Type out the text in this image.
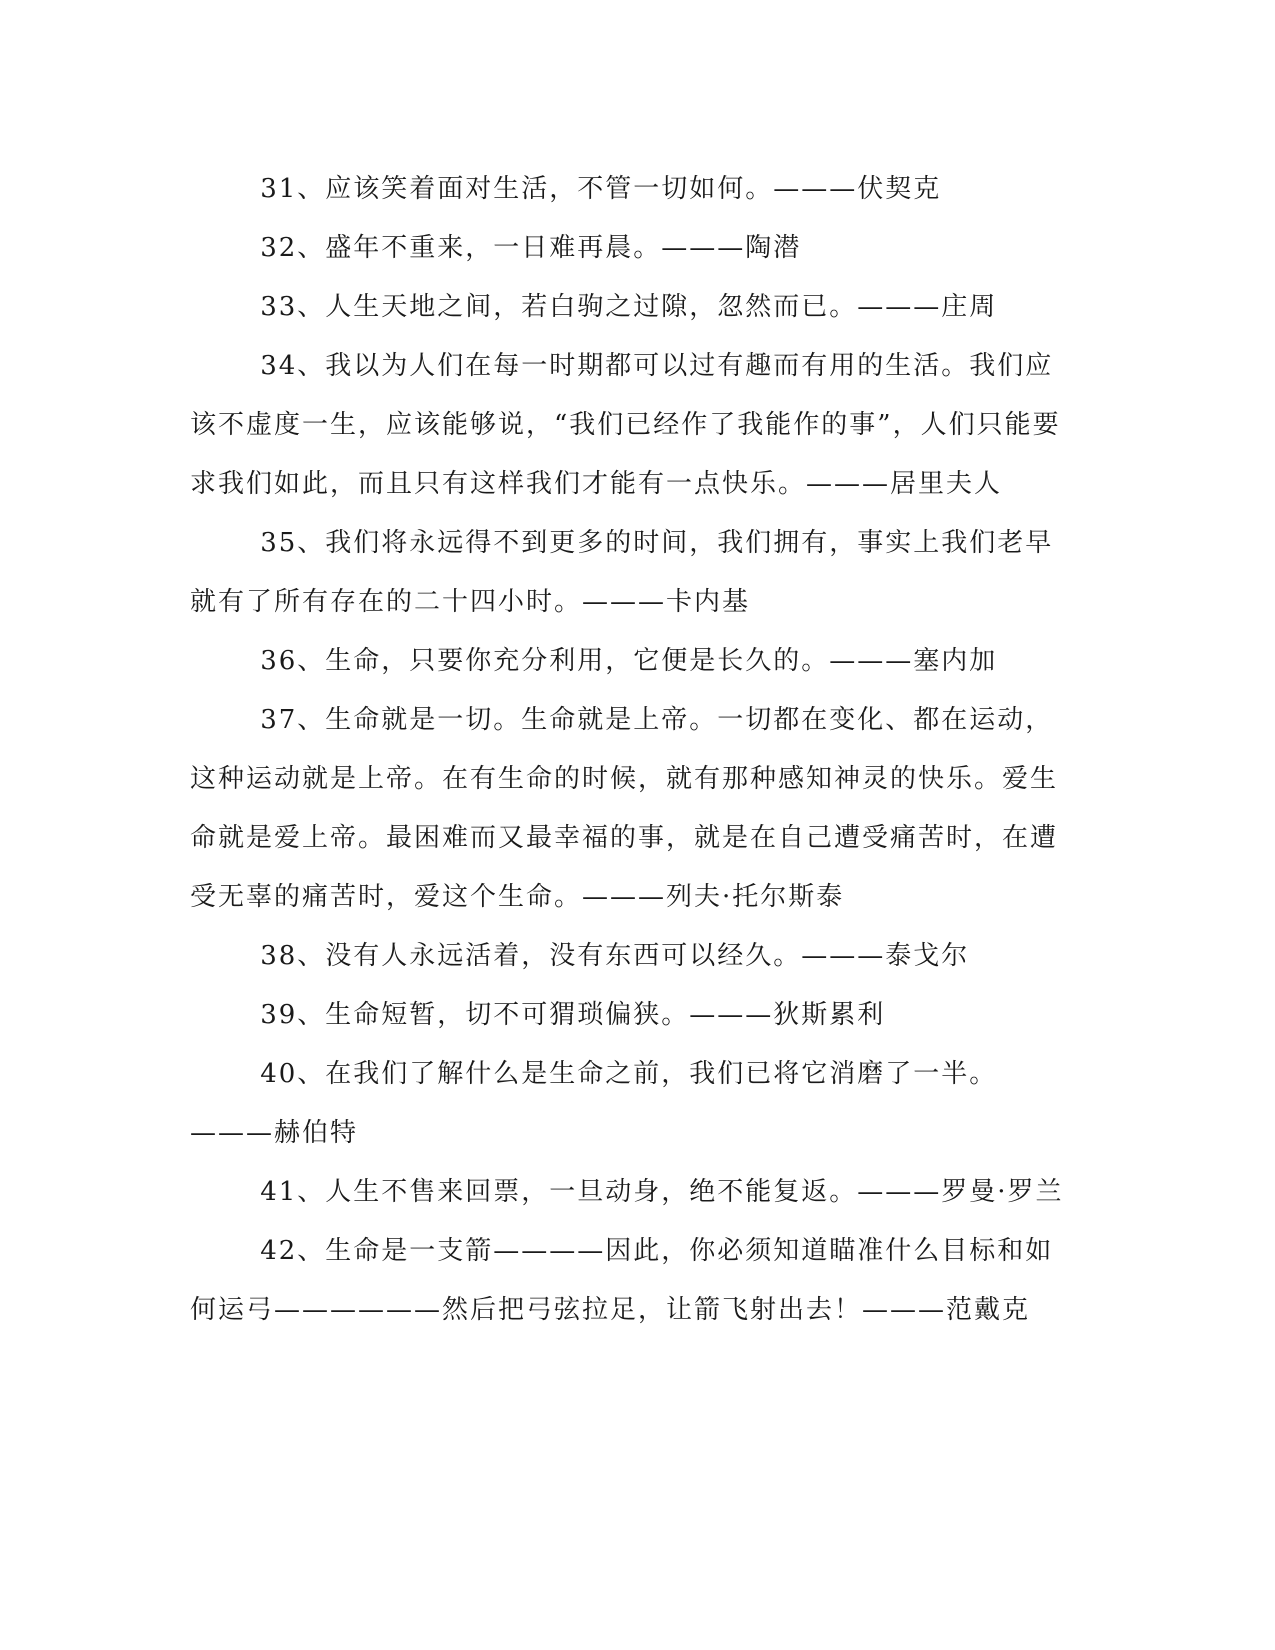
31、应该笑着面对生活，不管一切如何。———伏契克

32、盛年不重来，一日难再晨。———陶潜

33、人生天地之间，若白驹之过隙，忽然而已。———庄周

34、我以为人们在每一时期都可以过有趣而有用的生活。我们应该不虚度一生，应该能够说，“我们已经作了我能作的事”，人们只能要求我们如此，而且只有这样我们才能有一点快乐。———居里夫人

35、我们将永远得不到更多的时间，我们拥有，事实上我们老早就有了所有存在的二十四小时。———卡内基

36、生命，只要你充分利用，它便是长久的。———塞内加

37、生命就是一切。生命就是上帝。一切都在变化、都在运动，这种运动就是上帝。在有生命的时候，就有那种感知神灵的快乐。爱生命就是爱上帝。最困难而又最幸福的事，就是在自己遭受痛苦时，在遭受无辜的痛苦时，爱这个生命。———列夫·托尔斯泰

38、没有人永远活着，没有东西可以经久。———泰戈尔

39、生命短暂，切不可猬琐偏狭。———狄斯累利

40、在我们了解什么是生命之前，我们已将它消磨了一半。———赫伯特

41、人生不售来回票，一旦动身，绝不能复返。———罗曼·罗兰

42、生命是一支箭————因此，你必须知道瞄准什么目标和如何运弓——————然后把弓弦拉足，让箭飞射出去！———范戴克
